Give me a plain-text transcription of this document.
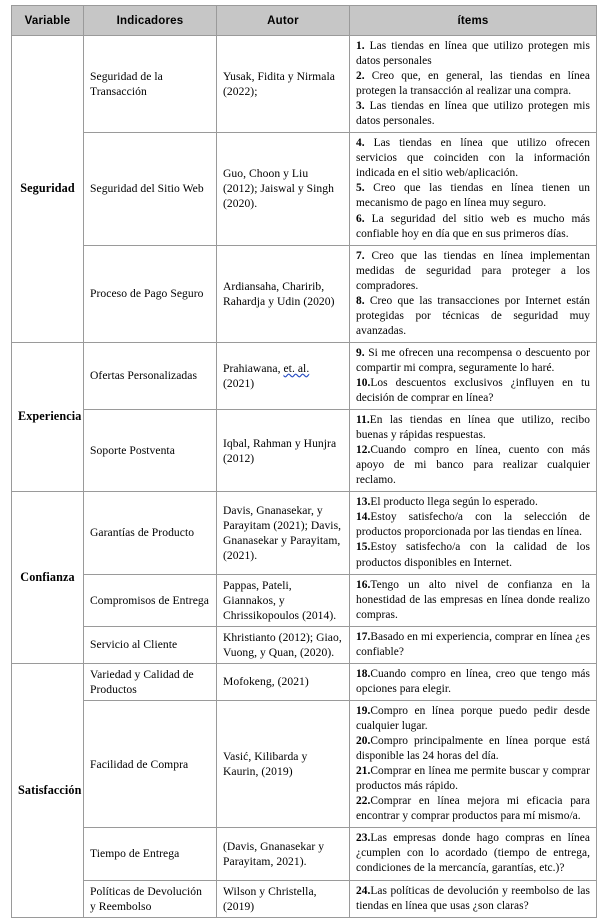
Variable	Indicadores	Autor	ítems
Seguridad	Seguridad de la Transacción	Yusak, Fidita y Nirmala (2022);	1. Las tiendas en línea que utilizo protegen mis datos personales
2. Creo que, en general, las tiendas en línea protegen la transacción al realizar una compra.
3. Las tiendas en línea que utilizo protegen mis datos personales.

	Seguridad del Sitio Web	Guo, Choon y Liu (2012); Jaiswal y Singh (2020).	4. Las tiendas en línea que utilizo ofrecen servicios que coinciden con la información indicada en el sitio web/aplicación.
5. Creo que las tiendas en línea tienen un mecanismo de pago en línea muy seguro.
6. La seguridad del sitio web es mucho más confiable hoy en día que en sus primeros días.

	Proceso de Pago Seguro	Ardiansaha, Charirib, Rahardja y Udin (2020)	7. Creo que las tiendas en línea implementan medidas de seguridad para proteger a los compradores.
8. Creo que las transacciones por Internet están protegidas por técnicas de seguridad muy avanzadas.

Experiencia	Ofertas Personalizadas	Prahiawana, et. al. (2021)	9. Si me ofrecen una recompensa o descuento por compartir mi compra, seguramente lo haré.
10.Los descuentos exclusivos ¿influyen en tu decisión de comprar en línea?

	Soporte Postventa	Iqbal, Rahman y Hunjra (2012)	11.En las tiendas en línea que utilizo, recibo buenas y rápidas respuestas.
12.Cuando compro en línea, cuento con más apoyo de mi banco para realizar cualquier reclamo.

Confianza	Garantías de Producto	Davis, Gnanasekar, y Parayitam (2021); Davis, Gnanasekar y Parayitam, (2021).	13.El producto llega según lo esperado.
14.Estoy satisfecho/a con la selección de productos proporcionada por las tiendas en línea.
15.Estoy satisfecho/a con la calidad de los productos disponibles en Internet.

	Compromisos de Entrega	Pappas, Pateli, Giannakos, y Chrissikopoulos (2014).	16.Tengo un alto nivel de confianza en la honestidad de las empresas en línea donde realizo compras.

	Servicio al Cliente	Khristianto (2012); Giao, Vuong, y Quan, (2020).	17.Basado en mi experiencia, comprar en línea ¿es confiable?

Satisfacción	Variedad y Calidad de Productos	Mofokeng, (2021)	18.Cuando compro en línea, creo que tengo más opciones para elegir.

	Facilidad de Compra	Vasić, Kilibarda y Kaurin, (2019)	19.Compro en línea porque puedo pedir desde cualquier lugar.
20.Compro principalmente en línea porque está disponible las 24 horas del día.
21.Comprar en línea me permite buscar y comprar productos más rápido.
22.Comprar en línea mejora mi eficacia para encontrar y comprar productos para mí mismo/a.

	Tiempo de Entrega	(Davis, Gnanasekar y Parayitam, 2021).	23.Las empresas donde hago compras en línea ¿cumplen con lo acordado (tiempo de entrega, condiciones de la mercancía, garantías, etc.)?

	Políticas de Devolución y Reembolso	Wilson y Christella, (2019)	24.Las políticas de devolución y reembolso de las tiendas en línea que usas ¿son claras?
